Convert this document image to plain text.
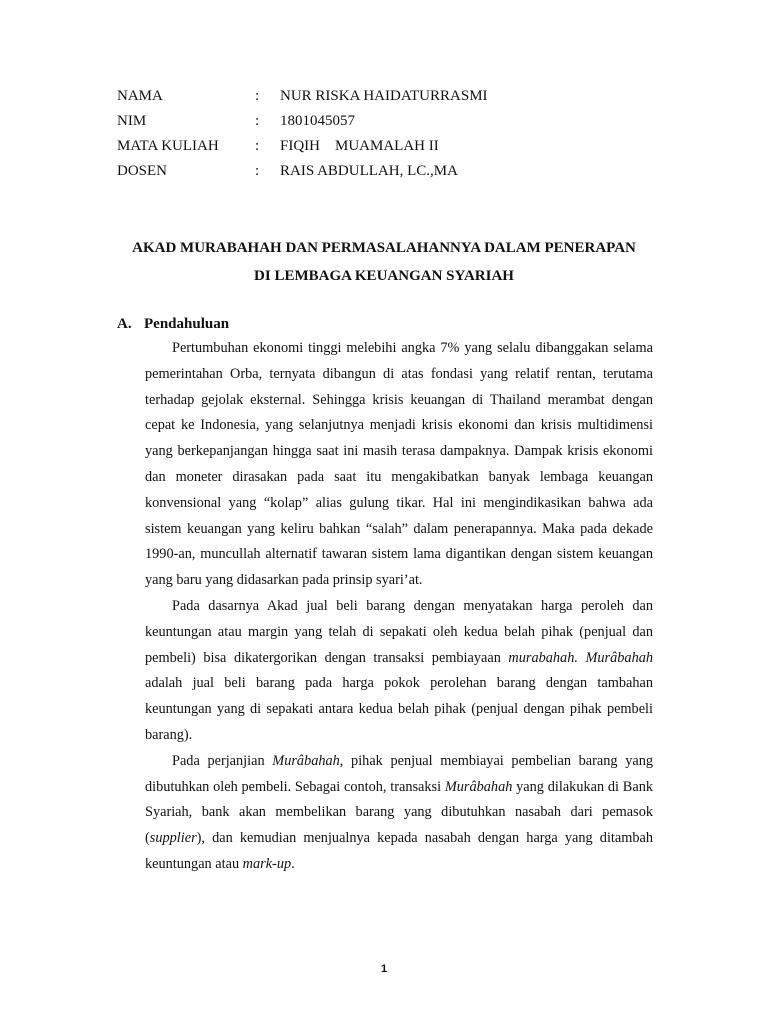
NAMA	: NUR RISKA HAIDATURRASMI
NIM	: 1801045057
MATA KULIAH : FIQIH    MUAMALAH II
DOSEN	: RAIS ABDULLAH, LC.,MA
AKAD MURABAHAH DAN PERMASALAHANNYA DALAM PENERAPAN
DI LEMBAGA KEUANGAN SYARIAH
A. Pendahuluan

Pertumbuhan ekonomi tinggi melebihi angka 7% yang selalu dibanggakan selama pemerintahan Orba, ternyata dibangun di atas fondasi yang relatif rentan, terutama terhadap gejolak eksternal. Sehingga krisis keuangan di Thailand merambat dengan cepat ke Indonesia, yang selanjutnya menjadi krisis ekonomi dan krisis multidimensi yang berkepanjangan hingga saat ini masih terasa dampaknya. Dampak krisis ekonomi dan moneter dirasakan pada saat itu mengakibatkan banyak lembaga keuangan konvensional yang “kolap” alias gulung tikar. Hal ini mengindikasikan bahwa ada sistem keuangan yang keliru bahkan “salah” dalam penerapannya. Maka pada dekade 1990-an, muncullah alternatif tawaran sistem lama digantikan dengan sistem keuangan yang baru yang didasarkan pada prinsip syari’at.

Pada dasarnya Akad jual beli barang dengan menyatakan harga peroleh dan keuntungan atau margin yang telah di sepakati oleh kedua belah pihak (penjual dan pembeli) bisa dikatergorikan dengan transaksi pembiayaan murabahah. Murâbahah adalah jual beli barang pada harga pokok perolehan barang dengan tambahan keuntungan yang di sepakati antara kedua belah pihak (penjual dengan pihak pembeli barang).

Pada perjanjian Murâbahah, pihak penjual membiayai pembelian barang yang dibutuhkan oleh pembeli. Sebagai contoh, transaksi Murâbahah yang dilakukan di Bank Syariah, bank akan membelikan barang yang dibutuhkan nasabah dari pemasok (supplier), dan kemudian menjualnya kepada nasabah dengan harga yang ditambah keuntungan atau mark-up.

1
